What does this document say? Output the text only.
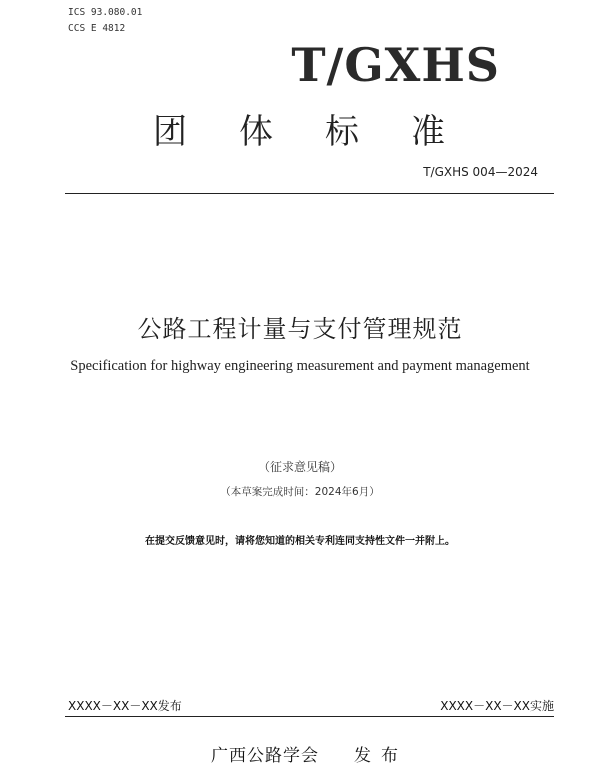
ICS 93.080.01
CCS E 4812
T/GXHS
团体标准
T/GXHS 004—2024
公路工程计量与支付管理规范
Specification for highway engineering measurement and payment management
（征求意见稿）
（本草案完成时间：2024年6月）
在提交反馈意见时，请将您知道的相关专利连同支持性文件一并附上。
XXXX－XX－XX发布	XXXX－XX－XX实施
广西公路学会 发布
